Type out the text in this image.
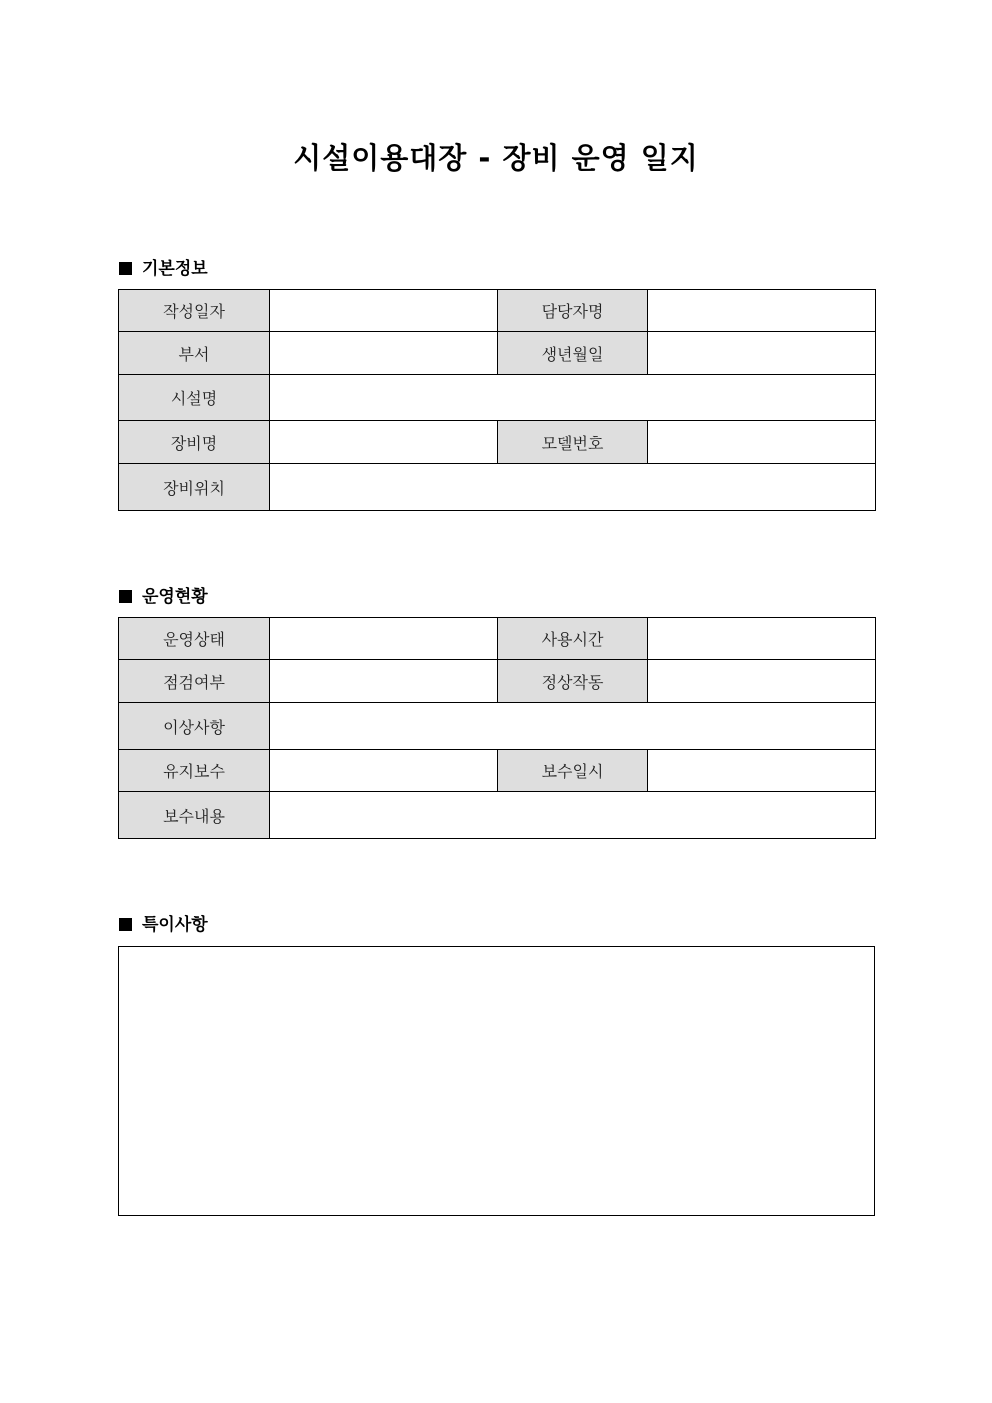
시설이용대장 - 장비 운영 일지
기본정보
작성일자		담당자명	
부서		생년월일	
시설명			
장비명		모델번호	
장비위치			
운영현황
운영상태		사용시간	
점검여부		정상작동	
이상사항			
유지보수		보수일시	
보수내용			
특이사항
